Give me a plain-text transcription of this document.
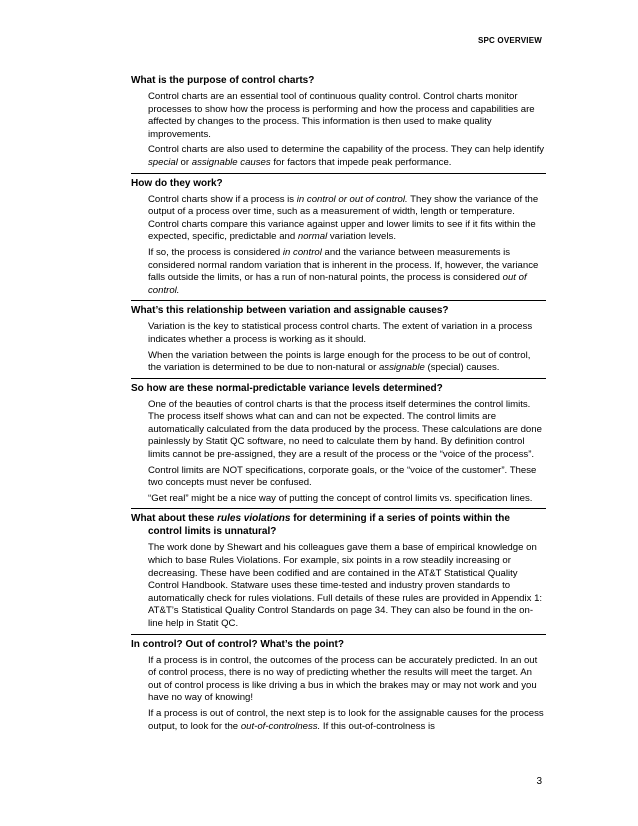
SPC OVERVIEW
What is the purpose of control charts?

Control charts are an essential tool of continuous quality control. Control charts monitor processes to show how the process is performing and how the process and capabilities are affected by changes to the process. This information is then used to make quality improvements.

Control charts are also used to determine the capability of the process. They can help identify special or assignable causes for factors that impede peak performance.

How do they work?

Control charts show if a process is in control or out of control. They show the variance of the output of a process over time, such as a measurement of width, length or temperature. Control charts compare this variance against upper and lower limits to see if it fits within the expected, specific, predictable and normal variation levels.

If so, the process is considered in control and the variance between measurements is considered normal random variation that is inherent in the process. If, however, the variance falls outside the limits, or has a run of non-natural points, the process is considered out of control.

What’s this relationship between variation and assignable causes?

Variation is the key to statistical process control charts. The extent of variation in a process indicates whether a process is working as it should.

When the variation between the points is large enough for the process to be out of control, the variation is determined to be due to non-natural or assignable (special) causes.

So how are these normal-predictable variance levels determined?

One of the beauties of control charts is that the process itself determines the control limits. The process itself shows what can and can not be expected. The control limits are automatically calculated from the data produced by the process. These calculations are done painlessly by Statit QC software, no need to calculate them by hand. By definition control limits cannot be pre-assigned, they are a result of the process or the “voice of the process”.

Control limits are NOT specifications, corporate goals, or the “voice of the customer”. These two concepts must never be confused.

“Get real” might be a nice way of putting the concept of control limits vs. specification lines.

What about these rules violations for determining if a series of points within the
control limits is unnatural?

The work done by Shewart and his colleagues gave them a base of empirical knowledge on which to base Rules Violations. For example, six points in a row steadily increasing or decreasing. These have been codified and are contained in the AT&T Statistical Quality Control Handbook. Statware uses these time-tested and industry proven standards to automatically check for rules violations. Full details of these rules are provided in Appendix 1: AT&T’s Statistical Quality Control Standards on page 34. They can also be found in the on-line help in Statit QC.

In control? Out of control? What’s the point?

If a process is in control, the outcomes of the process can be accurately predicted. In an out of control process, there is no way of predicting whether the results will meet the target. An out of control process is like driving a bus in which the brakes may or may not work and you have no way of knowing!

If a process is out of control, the next step is to look for the assignable causes for the process output, to look for the out-of-controlness. If this out-of-controlness is

3
